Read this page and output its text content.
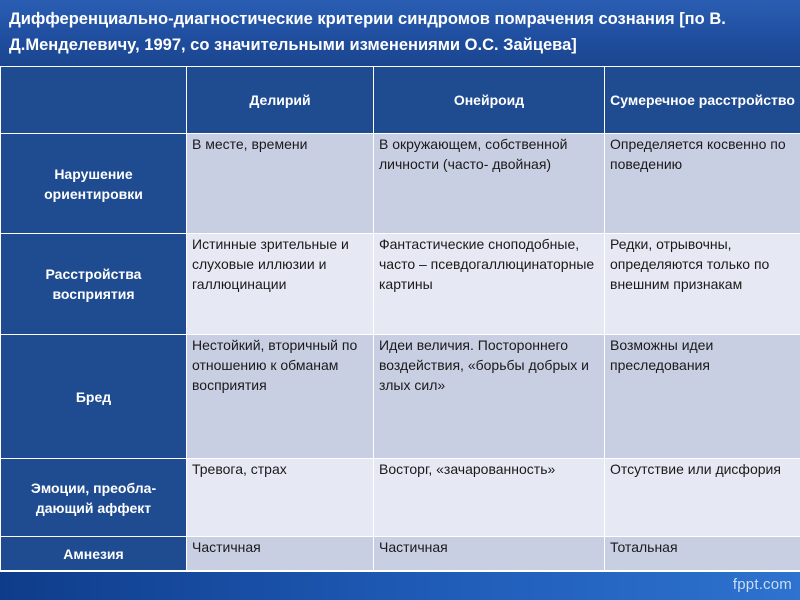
Дифференциально-диагностические критерии синдромов помрачения сознания [по В. Д.Менделевичу, 1997, со значительными изменениями О.С. Зайцева]
	Делирий	Онейроид	Сумеречное расстройство
Нарушение ориентировки	В месте, времени	В окружающем, собственной личности (часто- двойная)	Определяется косвенно по поведению
Расстройства восприятия	Истинные зрительные и слуховые иллюзии и галлюцинации	Фантастические сноподобные, часто – псевдогаллюцинаторные картины	Редки, отрывочны, определяются только по внешним признакам
Бред	Нестойкий, вторичный по отношению к обманам восприятия	Идеи величия. Постороннего воздействия, «борьбы добрых и злых сил»	Возможны идеи преследования
Эмоции, преобла-дающий аффект	Тревога, страх	Восторг, «зачарованность»	Отсутствие или дисфория
Амнезия	Частичная	Частичная	Тотальная
fppt.com
